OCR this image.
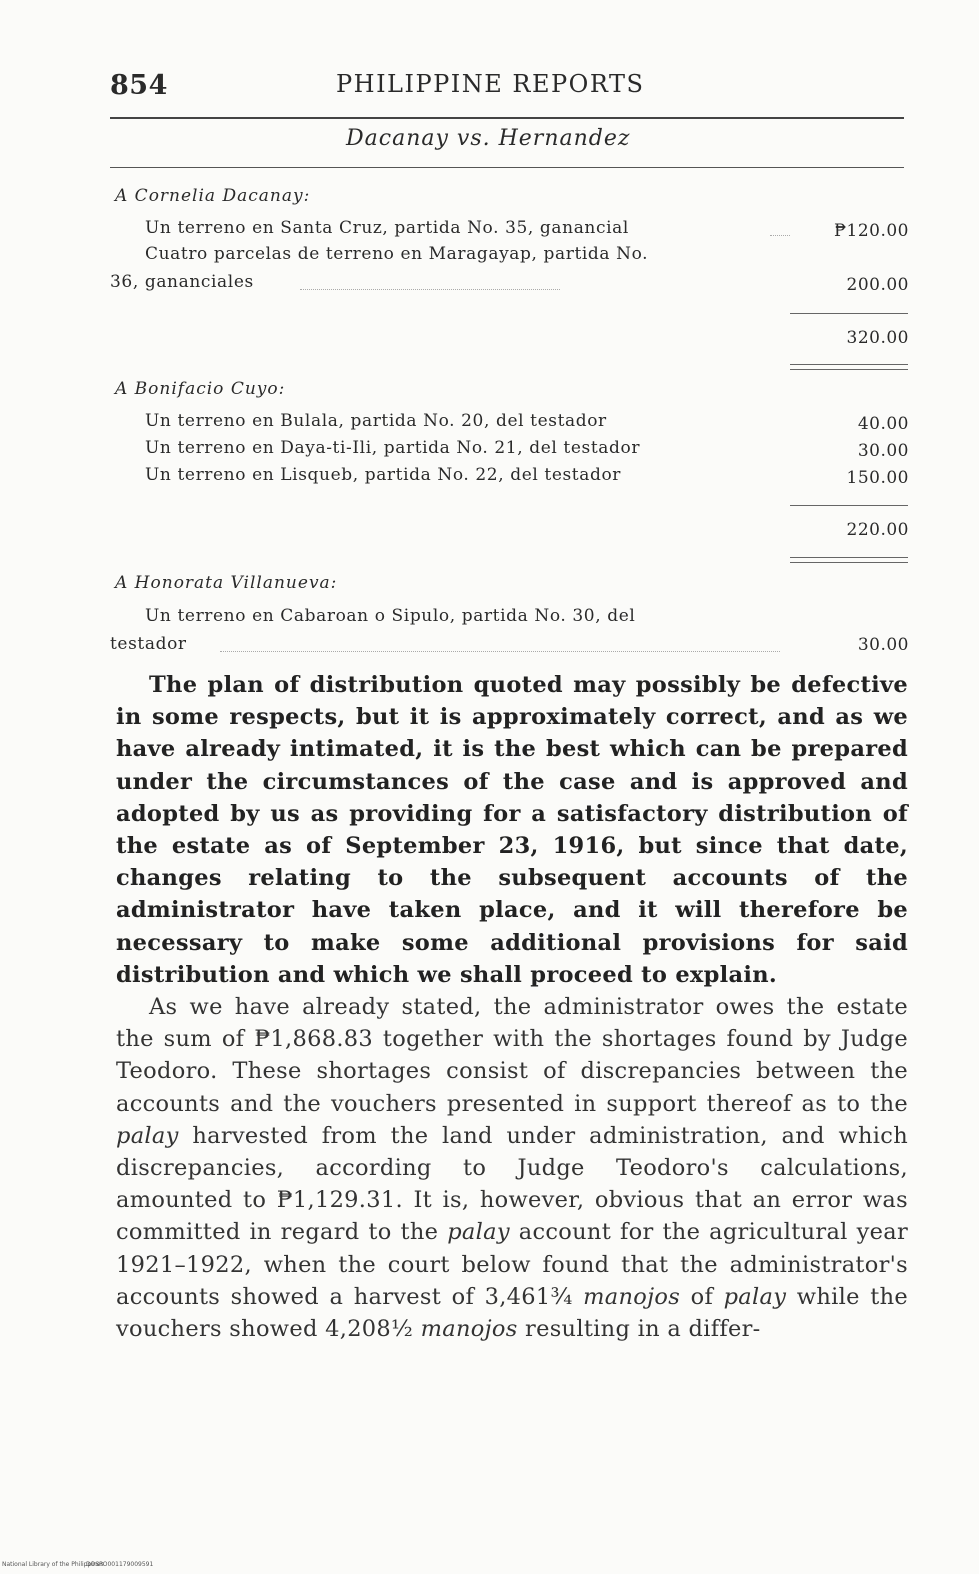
854	PHILIPPINE REPORTS
Dacanay vs. Hernandez
A Cornelia Dacanay:
Un terreno en Santa Cruz, partida No. 35, ganancial	₱120.00
Cuatro parcelas de terreno en Maragayap, partida No.
36, gananciales	200.00
320.00
A Bonifacio Cuyo:
Un terreno en Bulala, partida No. 20, del testador	40.00
Un terreno en Daya-ti-Ili, partida No. 21, del testador	30.00
Un terreno en Lisqueb, partida No. 22, del testador	150.00
220.00
A Honorata Villanueva:
Un terreno en Cabaroan o Sipulo, partida No. 30, del
testador	30.00

The plan of distribution quoted may possibly be defective in some respects, but it is approximately correct, and as we have already intimated, it is the best which can be prepared under the circumstances of the case and is approved and adopted by us as providing for a satisfactory distribution of the estate as of September 23, 1916, but since that date, changes relating to the subsequent accounts of the administrator have taken place, and it will therefore be necessary to make some additional provisions for said distribution and which we shall proceed to explain.

As we have already stated, the administrator owes the estate the sum of ₱1,868.83 together with the shortages found by Judge Teodoro. These shortages consist of discrepancies between the accounts and the vouchers presented in support thereof as to the palay harvested from the land under administration, and which discrepancies, according to Judge Teodoro's calculations, amounted to ₱1,129.31. It is, however, obvious that an error was committed in regard to the palay account for the agricultural year 1921–1922, when the court below found that the administrator's accounts showed a harvest of 3,461¾ manojos of palay while the vouchers showed 4,208½ manojos resulting in a differ-

National Library of the Philippines
DOSPO001179009591
